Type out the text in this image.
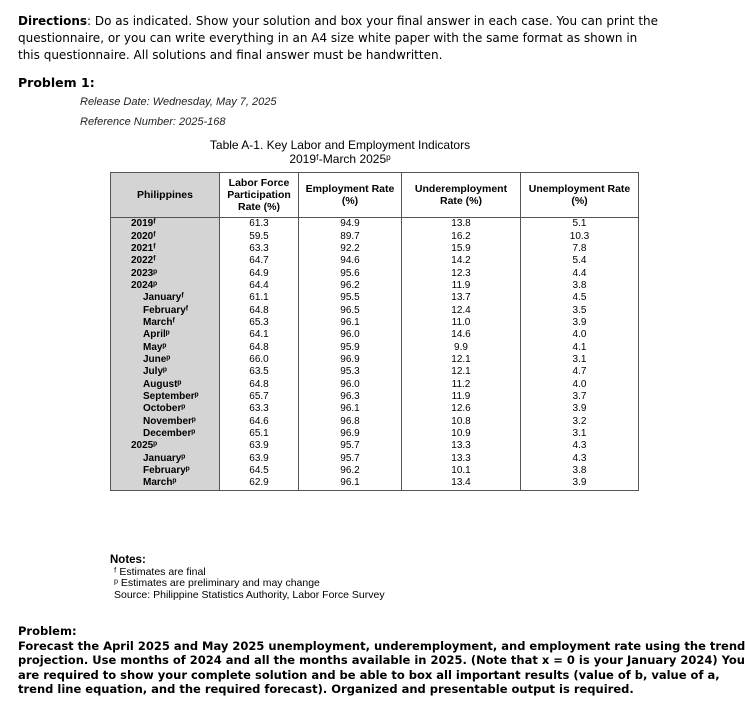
Directions: Do as indicated. Show your solution and box your final answer in each case. You can print the questionnaire, or you can write everything in an A4 size white paper with the same format as shown in this questionnaire. All solutions and final answer must be handwritten.
Problem 1:
Release Date: Wednesday, May 7, 2025
Reference Number: 2025-168
Table A-1. Key Labor and Employment Indicators
2019ᶠ-March 2025ᵖ
Philippines	Labor Force Participation Rate (%)	Employment Rate (%)	Underemployment Rate (%)	Unemployment Rate (%)
2019ᶠ	61.3	94.9	13.8	5.1
2020ᶠ	59.5	89.7	16.2	10.3
2021ᶠ	63.3	92.2	15.9	7.8
2022ᶠ	64.7	94.6	14.2	5.4
2023ᵖ	64.9	95.6	12.3	4.4
2024ᵖ	64.4	96.2	11.9	3.8
Januaryᶠ	61.1	95.5	13.7	4.5
Februaryᶠ	64.8	96.5	12.4	3.5
Marchᶠ	65.3	96.1	11.0	3.9
Aprilᵖ	64.1	96.0	14.6	4.0
Mayᵖ	64.8	95.9	9.9	4.1
Juneᵖ	66.0	96.9	12.1	3.1
Julyᵖ	63.5	95.3	12.1	4.7
Augustᵖ	64.8	96.0	11.2	4.0
Septemberᵖ	65.7	96.3	11.9	3.7
Octoberᵖ	63.3	96.1	12.6	3.9
Novemberᵖ	64.6	96.8	10.8	3.2
Decemberᵖ	65.1	96.9	10.9	3.1
2025ᵖ	63.9	95.7	13.3	4.3
Januaryᵖ	63.9	95.7	13.3	4.3
Februaryᵖ	64.5	96.2	10.1	3.8
Marchᵖ	62.9	96.1	13.4	3.9
Notes:
ᶠ Estimates are final
ᵖ Estimates are preliminary and may change
Source: Philippine Statistics Authority, Labor Force Survey
Problem:
Forecast the April 2025 and May 2025 unemployment, underemployment, and employment rate using the trend
projection. Use months of 2024 and all the months available in 2025. (Note that x = 0 is your January 2024) You
are required to show your complete solution and be able to box all important results (value of b, value of a,
trend line equation, and the required forecast). Organized and presentable output is required.
